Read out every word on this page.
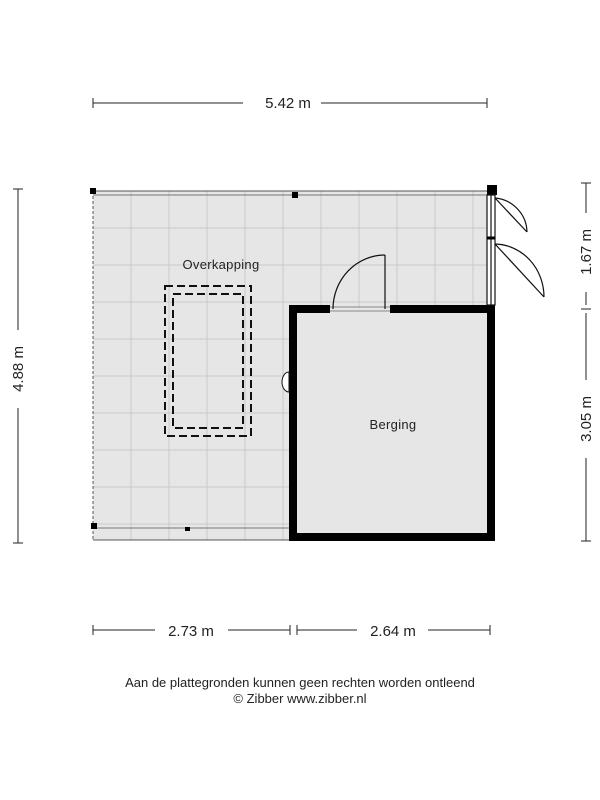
Overkapping
Berging
5.42 m
4.88 m
1.67 m
3.05 m
2.73 m	2.64 m
Aan de plattegronden kunnen geen rechten worden ontleend
© Zibber www.zibber.nl
